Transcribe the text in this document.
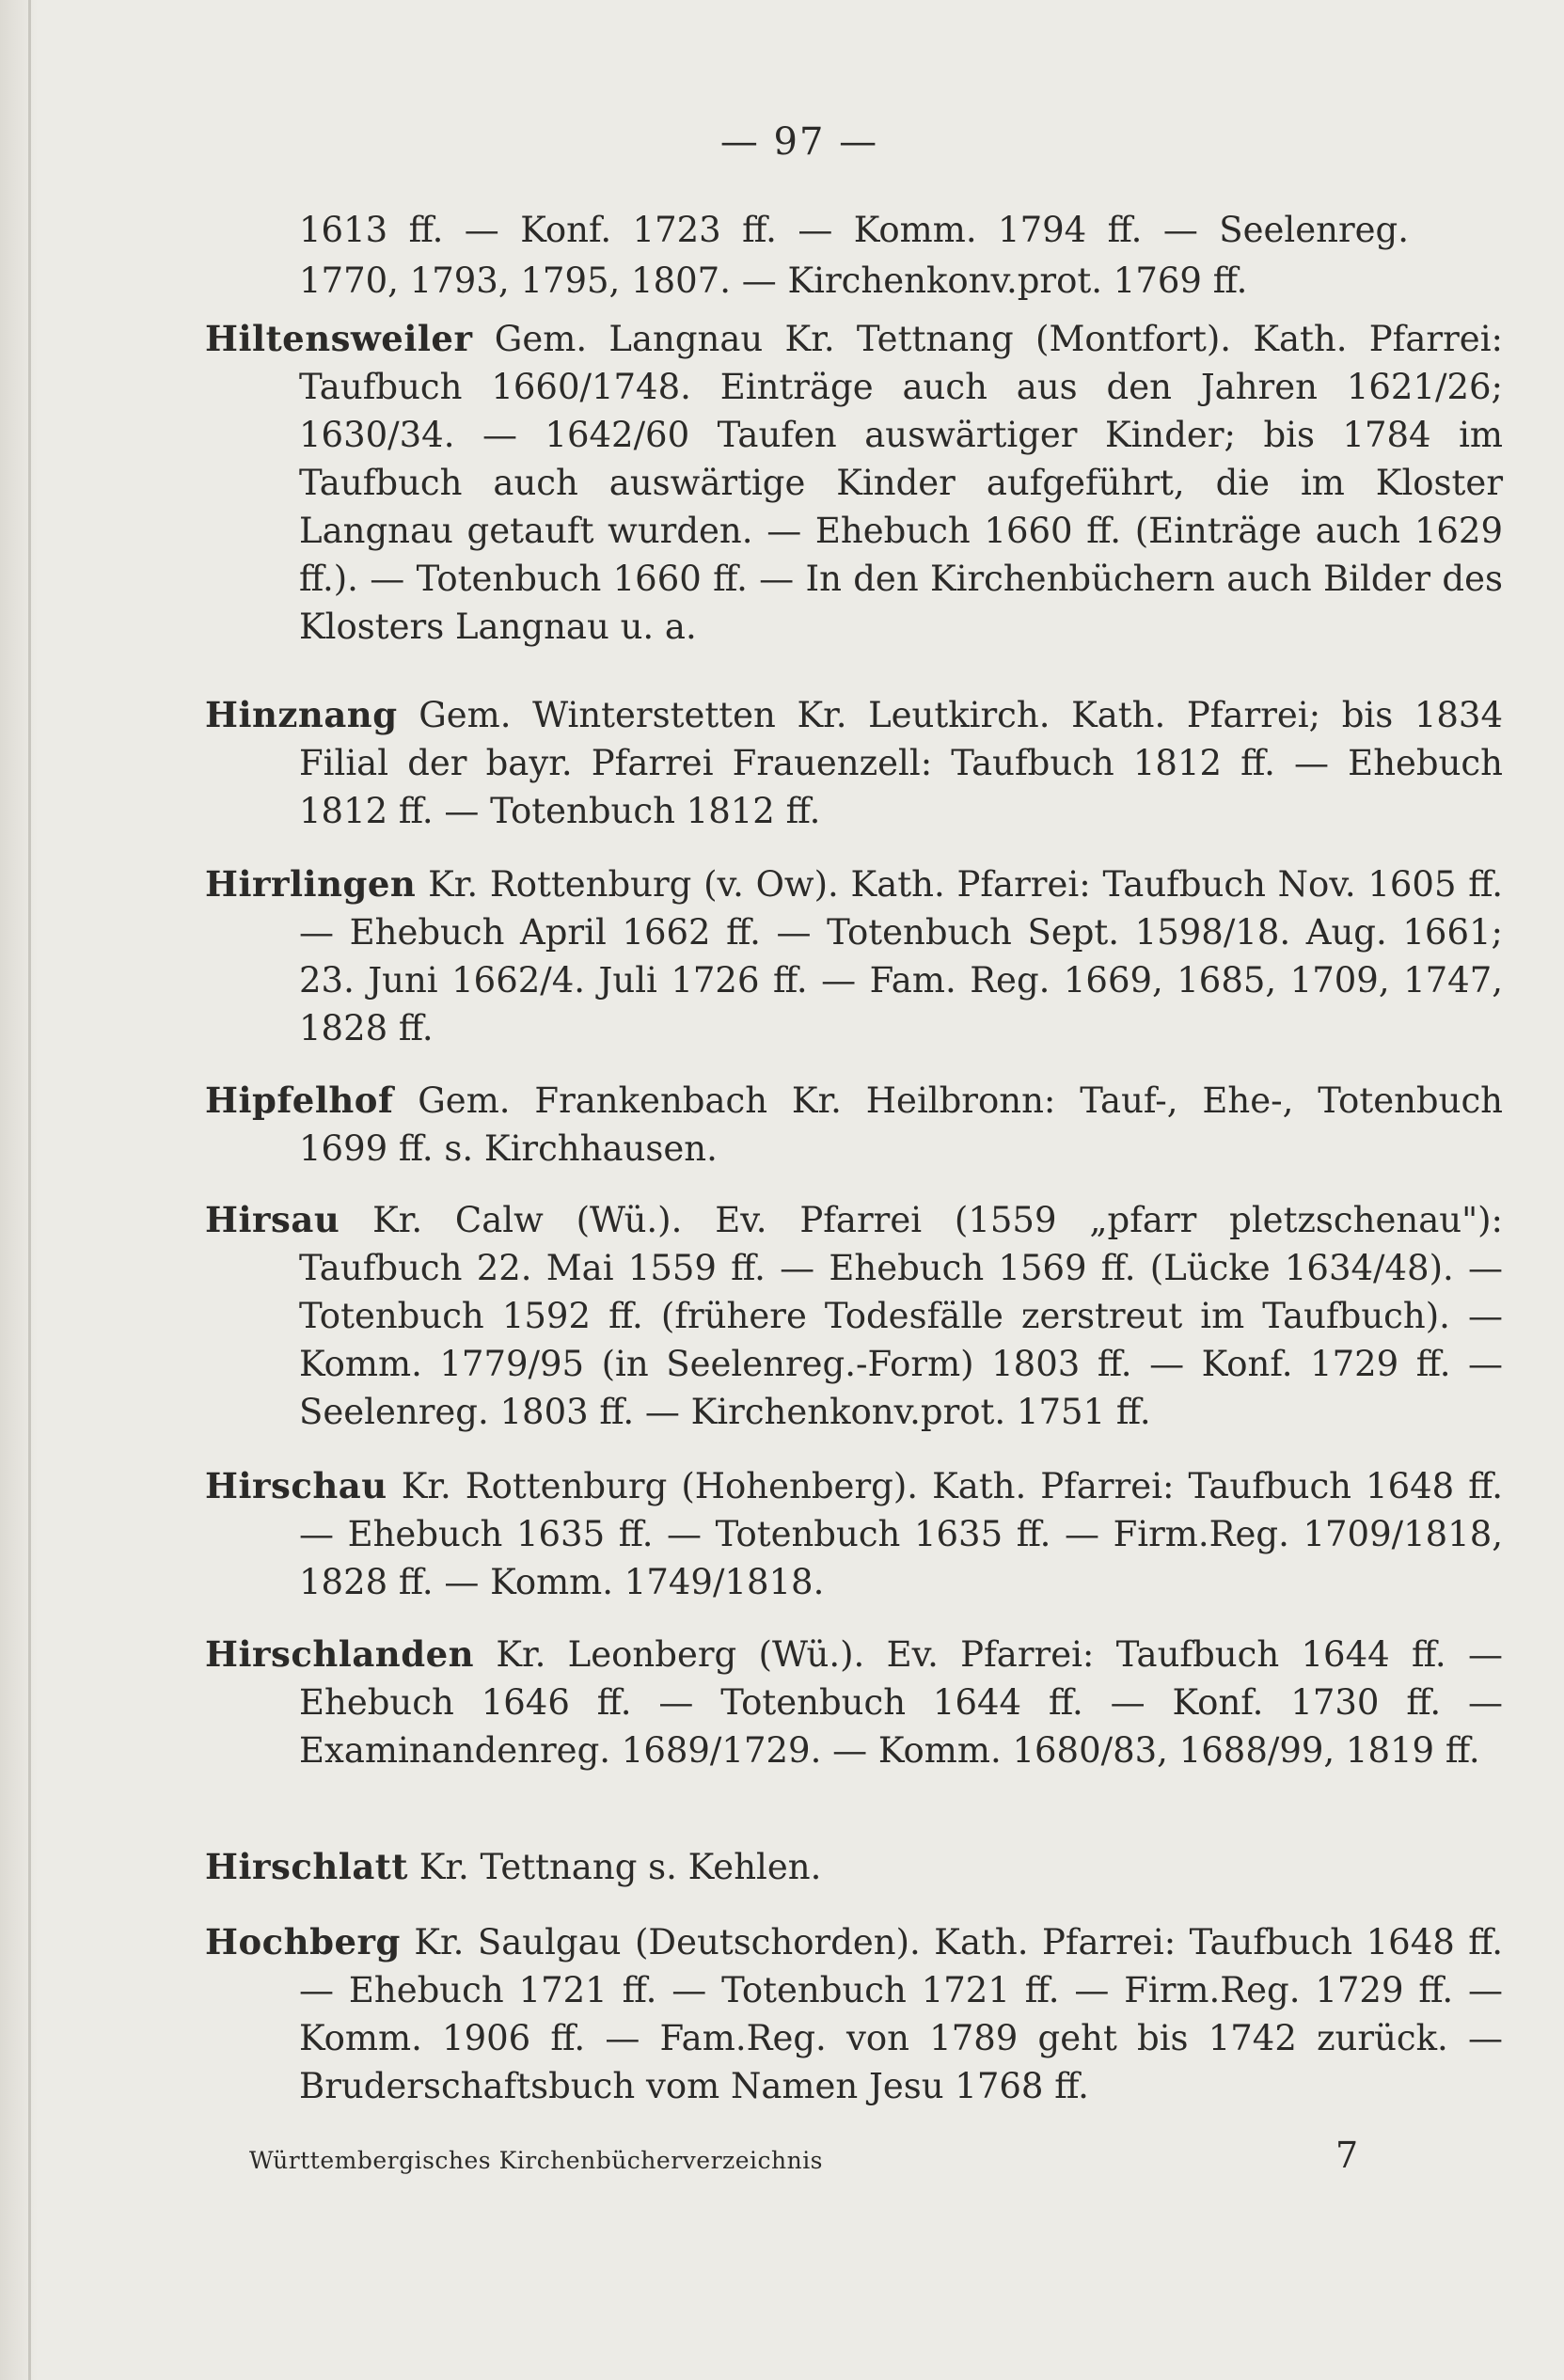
— 97 —
1613 ff. — Konf. 1723 ff. — Komm. 1794 ff. — Seelenreg. 1770, 1793, 1795, 1807. — Kirchenkonv.prot. 1769 ff.
Hiltensweiler Gem. Langnau Kr. Tettnang (Montfort). Kath. Pfarrei: Taufbuch 1660/1748. Einträge auch aus den Jahren 1621/26; 1630/34. — 1642/60 Taufen auswärtiger Kinder; bis 1784 im Taufbuch auch auswärtige Kinder aufgeführt, die im Kloster Langnau getauft wurden. — Ehebuch 1660 ff. (Einträge auch 1629 ff.). — Totenbuch 1660 ff. — In den Kirchenbüchern auch Bilder des Klosters Langnau u. a.
Hinznang Gem. Winterstetten Kr. Leutkirch. Kath. Pfarrei; bis 1834 Filial der bayr. Pfarrei Frauenzell: Taufbuch 1812 ff. — Ehebuch 1812 ff. — Totenbuch 1812 ff.
Hirrlingen Kr. Rottenburg (v. Ow). Kath. Pfarrei: Taufbuch Nov. 1605 ff. — Ehebuch April 1662 ff. — Totenbuch Sept. 1598/18. Aug. 1661; 23. Juni 1662/4. Juli 1726 ff. — Fam. Reg. 1669, 1685, 1709, 1747, 1828 ff.
Hipfelhof Gem. Frankenbach Kr. Heilbronn: Tauf-, Ehe-, Totenbuch 1699 ff. s. Kirchhausen.
Hirsau Kr. Calw (Wü.). Ev. Pfarrei (1559 „pfarr pletzschenau"): Taufbuch 22. Mai 1559 ff. — Ehebuch 1569 ff. (Lücke 1634/48). — Totenbuch 1592 ff. (frühere Todesfälle zerstreut im Taufbuch). — Komm. 1779/95 (in Seelenreg.-Form) 1803 ff. — Konf. 1729 ff. — Seelenreg. 1803 ff. — Kirchenkonv.prot. 1751 ff.
Hirschau Kr. Rottenburg (Hohenberg). Kath. Pfarrei: Taufbuch 1648 ff. — Ehebuch 1635 ff. — Totenbuch 1635 ff. — Firm.Reg. 1709/1818, 1828 ff. — Komm. 1749/1818.
Hirschlanden Kr. Leonberg (Wü.). Ev. Pfarrei: Taufbuch 1644 ff. — Ehebuch 1646 ff. — Totenbuch 1644 ff. — Konf. 1730 ff. — Examinandenreg. 1689/1729. — Komm. 1680/83, 1688/99, 1819 ff.
Hirschlatt Kr. Tettnang s. Kehlen.
Hochberg Kr. Saulgau (Deutschorden). Kath. Pfarrei: Taufbuch 1648 ff. — Ehebuch 1721 ff. — Totenbuch 1721 ff. — Firm.Reg. 1729 ff. — Komm. 1906 ff. — Fam.Reg. von 1789 geht bis 1742 zurück. — Bruderschaftsbuch vom Namen Jesu 1768 ff.
Württembergisches Kirchenbücherverzeichnis	7
